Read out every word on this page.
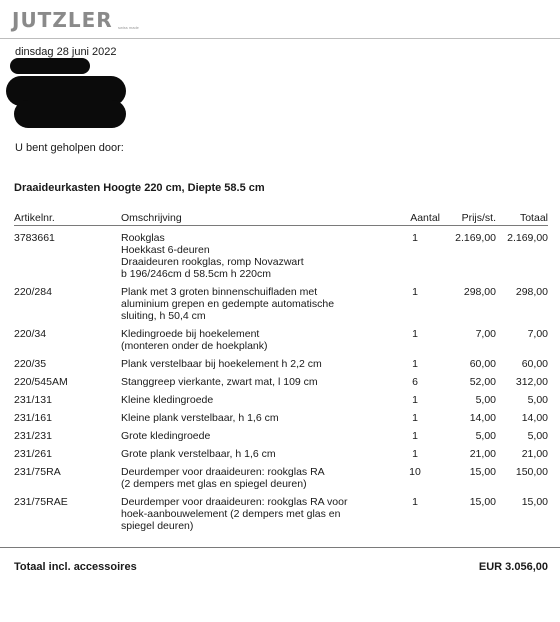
JUTZLER swiss made
dinsdag 28 juni 2022
U bent geholpen door:
Draaideurkasten Hoogte 220 cm, Diepte 58.5 cm
Artikelnr.	Omschrijving	Aantal	Prijs/st.	Totaal
3783661	Rookglas
Hoekkast 6-deuren
Draaideuren rookglas, romp Novazwart
b 196/246cm d 58.5cm h 220cm
1	2.169,00	2.169,00
220/284	Plank met 3 groten binnenschuifladen met
aluminium grepen en gedempte automatische
sluiting, h 50,4 cm
1	298,00	298,00
220/34	Kledingroede bij hoekelement
(monteren onder de hoekplank)
1	7,00	7,00
220/35	Plank verstelbaar bij hoekelement h 2,2 cm	1	60,00	60,00
220/545AM	Stanggreep vierkante, zwart mat, l 109 cm	6	52,00	312,00
231/131	Kleine kledingroede	1	5,00	5,00
231/161	Kleine plank verstelbaar, h 1,6 cm	1	14,00	14,00
231/231	Grote kledingroede	1	5,00	5,00
231/261	Grote plank verstelbaar, h 1,6 cm	1	21,00	21,00
231/75RA	Deurdemper voor draaideuren: rookglas RA
(2 dempers met glas en spiegel deuren)
10	15,00	150,00
231/75RAE	Deurdemper voor draaideuren: rookglas RA voor
hoek-aanbouwelement (2 dempers met glas en
spiegel deuren)
1	15,00	15,00
Totaal incl. accessoires	EUR 3.056,00
